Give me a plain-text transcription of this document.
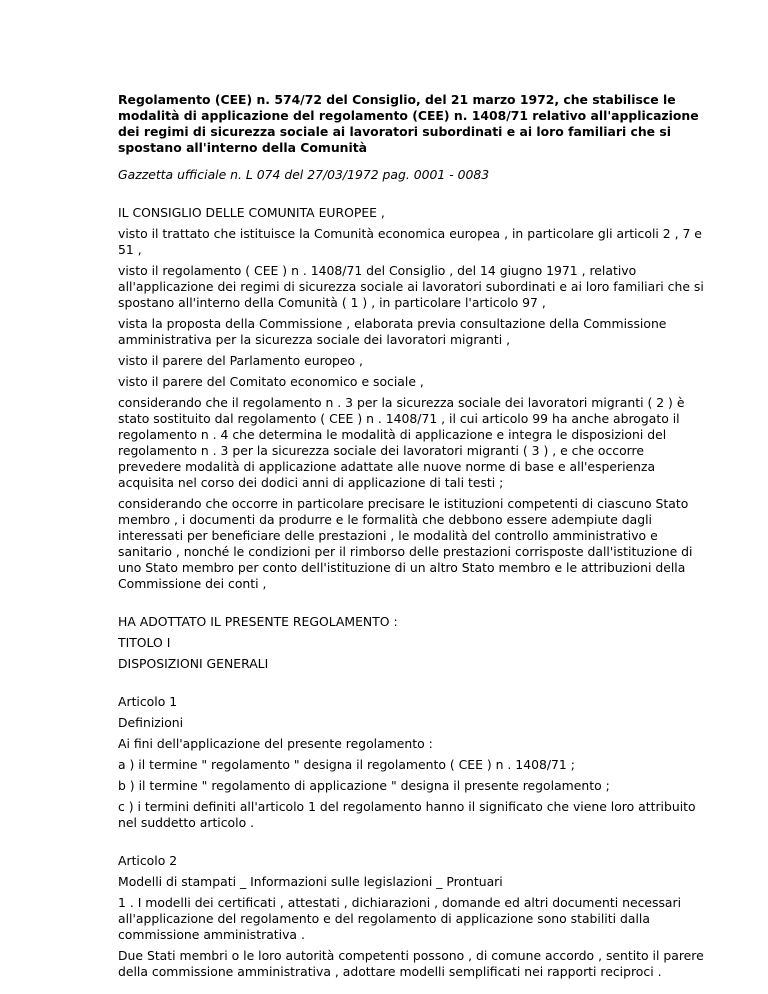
Regolamento (CEE) n. 574/72 del Consiglio, del 21 marzo 1972, che stabilisce le modalità di applicazione del regolamento (CEE) n. 1408/71 relativo all'applicazione dei regimi di sicurezza sociale ai lavoratori subordinati e ai loro familiari che si spostano all'interno della Comunità

Gazzetta ufficiale n. L 074 del 27/03/1972 pag. 0001 - 0083

IL CONSIGLIO DELLE COMUNITA EUROPEE ,

visto il trattato che istituisce la Comunità economica europea , in particolare gli articoli 2 , 7 e 51 ,

visto il regolamento ( CEE ) n . 1408/71 del Consiglio , del 14 giugno 1971 , relativo all'applicazione dei regimi di sicurezza sociale ai lavoratori subordinati e ai loro familiari che si spostano all'interno della Comunità ( 1 ) , in particolare l'articolo 97 ,

vista la proposta della Commissione , elaborata previa consultazione della Commissione amministrativa per la sicurezza sociale dei lavoratori migranti ,

visto il parere del Parlamento europeo ,

visto il parere del Comitato economico e sociale ,

considerando che il regolamento n . 3 per la sicurezza sociale dei lavoratori migranti ( 2 ) è stato sostituito dal regolamento ( CEE ) n . 1408/71 , il cui articolo 99 ha anche abrogato il regolamento n . 4 che determina le modalità di applicazione e integra le disposizioni del regolamento n . 3 per la sicurezza sociale dei lavoratori migranti ( 3 ) , e che occorre prevedere modalità di applicazione adattate alle nuove norme di base e all'esperienza acquisita nel corso dei dodici anni di applicazione di tali testi ;

considerando che occorre in particolare precisare le istituzioni competenti di ciascuno Stato membro , i documenti da produrre e le formalità che debbono essere adempiute dagli interessati per beneficiare delle prestazioni , le modalità del controllo amministrativo e sanitario , nonché le condizioni per il rimborso delle prestazioni corrisposte dall'istituzione di uno Stato membro per conto dell'istituzione di un altro Stato membro e le attribuzioni della Commissione dei conti ,

HA ADOTTATO IL PRESENTE REGOLAMENTO :

TITOLO I

DISPOSIZIONI GENERALI

Articolo 1

Definizioni

Ai fini dell'applicazione del presente regolamento :

a ) il termine " regolamento " designa il regolamento ( CEE ) n . 1408/71 ;

b ) il termine " regolamento di applicazione " designa il presente regolamento ;

c ) i termini definiti all'articolo 1 del regolamento hanno il significato che viene loro attribuito nel suddetto articolo .

Articolo 2

Modelli di stampati _ Informazioni sulle legislazioni _ Prontuari

1 . I modelli dei certificati , attestati , dichiarazioni , domande ed altri documenti necessari all'applicazione del regolamento e del regolamento di applicazione sono stabiliti dalla commissione amministrativa .

Due Stati membri o le loro autorità competenti possono , di comune accordo , sentito il parere della commissione amministrativa , adottare modelli semplificati nei rapporti reciproci .
